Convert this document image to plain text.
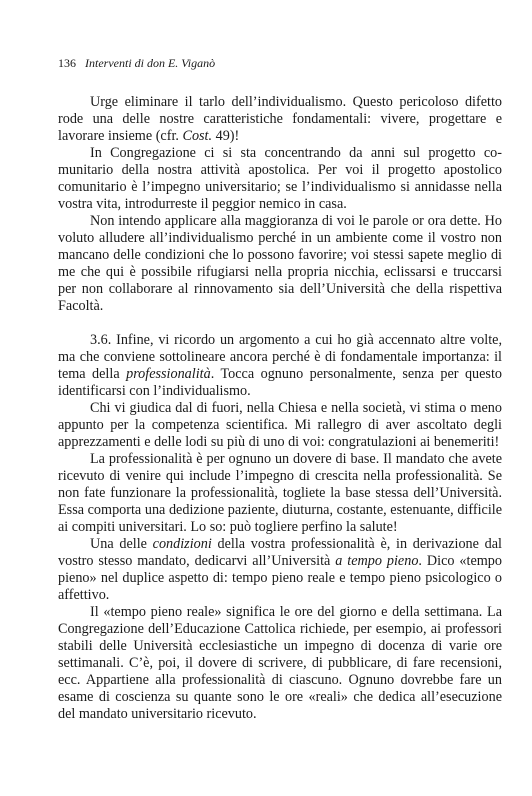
136 Interventi di don E. Viganò

Urge eliminare il tarlo dell’individualismo. Questo pericoloso difetto rode una delle nostre caratteristiche fondamentali: vivere, progettare e lavorare insieme (cfr. Cost. 49)!

In Congregazione ci si sta concentrando da anni sul progetto comunitario della nostra attività apostolica. Per voi il progetto apostolico comunitario è l’impegno universitario; se l’individualismo si annidasse nella vostra vita, introdurreste il peggior nemico in casa.

Non intendo applicare alla maggioranza di voi le parole or ora dette. Ho voluto alludere all’individualismo perché in un ambiente come il vostro non mancano delle condizioni che lo possono favorire; voi stessi sapete meglio di me che qui è possibile rifugiarsi nella propria nicchia, eclissarsi e truccarsi per non collaborare al rinnovamento sia dell’Università che della rispettiva Facoltà.

3.6. Infine, vi ricordo un argomento a cui ho già accennato altre volte, ma che conviene sottolineare ancora perché è di fondamentale importanza: il tema della professionalità. Tocca ognuno personalmente, senza per questo identificarsi con l’individualismo.

Chi vi giudica dal di fuori, nella Chiesa e nella società, vi stima o meno appunto per la competenza scientifica. Mi rallegro di aver ascoltato degli apprezzamenti e delle lodi su più di uno di voi: congratulazioni ai benemeriti!

La professionalità è per ognuno un dovere di base. Il mandato che avete ricevuto di venire qui include l’impegno di crescita nella professionalità. Se non fate funzionare la professionalità, togliete la base stessa dell’Università. Essa comporta una dedizione paziente, diuturna, costante, estenuante, difficile ai compiti universitari. Lo so: può togliere perfino la salute!

Una delle condizioni della vostra professionalità è, in derivazione dal vostro stesso mandato, dedicarvi all’Università a tempo pieno. Dico «tempo pieno» nel duplice aspetto di: tempo pieno reale e tempo pieno psicologico o affettivo.

Il «tempo pieno reale» significa le ore del giorno e della settimana. La Congregazione dell’Educazione Cattolica richiede, per esempio, ai professori stabili delle Università ecclesiastiche un impegno di docenza di varie ore settimanali. C’è, poi, il dovere di scrivere, di pubblicare, di fare recensioni, ecc. Appartiene alla professionalità di ciascuno. Ognuno dovrebbe fare un esame di coscienza su quante sono le ore «reali» che dedica all’esecuzione del mandato universitario ricevuto.
